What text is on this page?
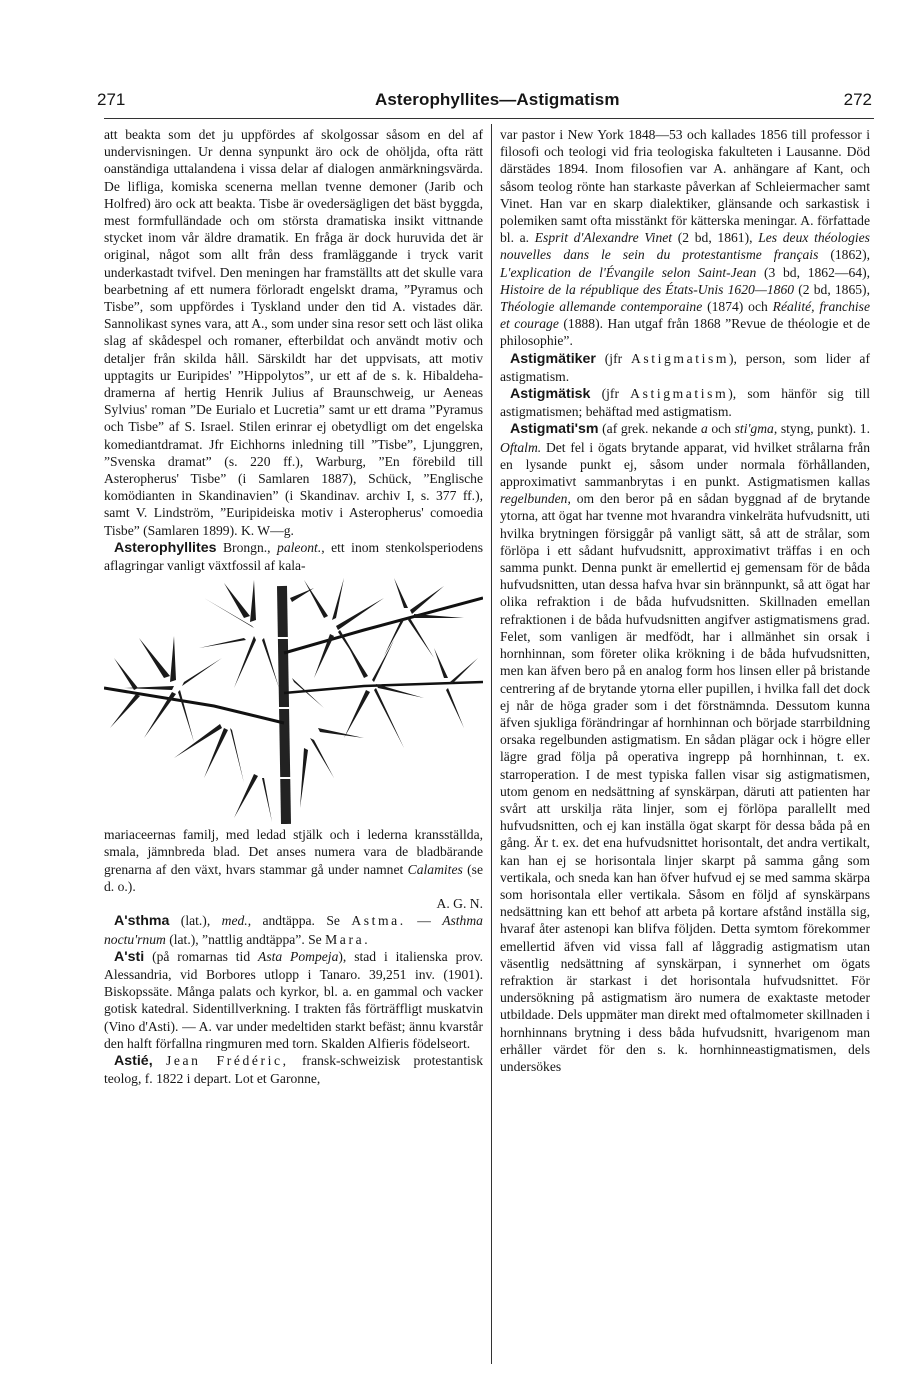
271	Asterophyllites—Astigmatism	272

att beakta som det ju uppfördes af skolgossar såsom en del af undervisningen. Ur denna synpunkt äro ock de ohöljda, ofta rätt oanständiga uttalandena i vissa delar af dialogen anmärkningsvärda. De lifliga, komiska scenerna mellan tvenne demoner (Jarib och Holfred) äro ock att beakta. Tisbe är ovedersägligen det bäst byggda, mest formfulländade och om största dramatiska insikt vittnande stycket inom vår äldre dramatik. En fråga är dock huruvida det är original, något som allt från dess framläggande i tryck varit underkastadt tvifvel. Den meningen har framställts att det skulle vara bearbetning af ett numera förloradt engelskt drama, ”Pyramus och Tisbe”, som uppfördes i Tyskland under den tid A. vistades där. Sannolikast synes vara, att A., som under sina resor sett och läst olika slag af skådespel och romaner, efterbildat och användt motiv och detaljer från skilda håll. Särskildt har det uppvisats, att motiv upptagits ur Euripides' ”Hippolytos”, ur ett af de s. k. Hibaldeha-dramerna af hertig Henrik Julius af Braunschweig, ur Aeneas Sylvius' roman ”De Eurialo et Lucretia” samt ur ett drama ”Pyramus och Tisbe” af S. Israel. Stilen erinrar ej obetydligt om det engelska komediantdramat. Jfr Eichhorns inledning till ”Tisbe”, Ljunggren, ”Svenska dramat” (s. 220 ff.), Warburg, ”En förebild till Asteropherus' Tisbe” (i Samlaren 1887), Schück, ”Englische komödianten in Skandinavien” (i Skandinav. archiv I, s. 377 ff.), samt V. Lindström, ”Euripideiska motiv i Asteropherus' comoedia Tisbe” (Samlaren 1899). K. W—g.

Asterophyllites Brongn., paleont., ett inom stenkolsperiodens aflagringar vanligt växtfossil af kala-

mariaceernas familj, med ledad stjälk och i lederna kransställda, smala, jämnbreda blad. Det anses numera vara de bladbärande grenarna af den växt, hvars stammar gå under namnet Calamites (se d. o.).
A. G. N.

A'sthma (lat.), med., andtäppa. Se Astma. — Asthma noctu'rnum (lat.), ”nattlig andtäppa”. Se Mara.

A'sti (på romarnas tid Asta Pompeja), stad i italienska prov. Alessandria, vid Borbores utlopp i Tanaro. 39,251 inv. (1901). Biskopssäte. Många palats och kyrkor, bl. a. en gammal och vacker gotisk katedral. Sidentillverkning. I trakten fås förträffligt muskatvin (Vino d'Asti). — A. var under medeltiden starkt befäst; ännu kvarstår den halft förfallna ringmuren med torn. Skalden Alfieris födelseort.

Astié, Jean Frédéric, fransk-schweizisk protestantisk teolog, f. 1822 i depart. Lot et Garonne,

var pastor i New York 1848—53 och kallades 1856 till professor i filosofi och teologi vid fria teologiska fakulteten i Lausanne. Död därstädes 1894. Inom filosofien var A. anhängare af Kant, och såsom teolog rönte han starkaste påverkan af Schleiermacher samt Vinet. Han var en skarp dialektiker, glänsande och sarkastisk i polemiken samt ofta misstänkt för kätterska meningar. A. författade bl. a. Esprit d'Alexandre Vinet (2 bd, 1861), Les deux théologies nouvelles dans le sein du protestantisme français (1862), L'explication de l'Évangile selon Saint-Jean (3 bd, 1862—64), Histoire de la république des États-Unis 1620—1860 (2 bd, 1865), Théologie allemande contemporaine (1874) och Réalité, franchise et courage (1888). Han utgaf från 1868 ”Revue de théologie et de philosophie”.

Astigmätiker (jfr Astigmatism), person, som lider af astigmatism.

Astigmätisk (jfr Astigmatism), som hänför sig till astigmatismen; behäftad med astigmatism.

Astigmati'sm (af grek. nekande a och sti'gma, styng, punkt). 1. Oftalm. Det fel i ögats brytande apparat, vid hvilket strålarna från en lysande punkt ej, såsom under normala förhållanden, approximativt sammanbrytas i en punkt. Astigmatismen kallas regelbunden, om den beror på en sådan byggnad af de brytande ytorna, att ögat har tvenne mot hvarandra vinkelräta hufvudsnitt, uti hvilka brytningen försiggår på vanligt sätt, så att de strålar, som förlöpa i ett sådant hufvudsnitt, approximativt träffas i en och samma punkt. Denna punkt är emellertid ej gemensam för de båda hufvudsnitten, utan dessa hafva hvar sin brännpunkt, så att ögat har olika refraktion i de båda hufvudsnitten. Skillnaden emellan refraktionen i de båda hufvudsnitten angifver astigmatismens grad. Felet, som vanligen är medfödt, har i allmänhet sin orsak i hornhinnan, som företer olika krökning i de båda hufvudsnitten, men kan äfven bero på en analog form hos linsen eller på bristande centrering af de brytande ytorna eller pupillen, i hvilka fall det dock ej når de höga grader som i det förstnämnda. Dessutom kunna äfven sjukliga förändringar af hornhinnan och började starrbildning orsaka regelbunden astigmatism. En sådan plägar ock i högre eller lägre grad följa på operativa ingrepp på hornhinnan, t. ex. starroperation. I de mest typiska fallen visar sig astigmatismen, utom genom en nedsättning af synskärpan, däruti att patienten har svårt att urskilja räta linjer, som ej förlöpa parallellt med hufvudsnitten, och ej kan inställa ögat skarpt för dessa båda på en gång. Är t. ex. det ena hufvudsnittet horisontalt, det andra vertikalt, kan han ej se horisontala linjer skarpt på samma gång som vertikala, och sneda kan han öfver hufvud ej se med samma skärpa som horisontala eller vertikala. Såsom en följd af synskärpans nedsättning kan ett behof att arbeta på kortare afstånd inställa sig, hvaraf åter astenopi kan blifva följden. Detta symtom förekommer emellertid äfven vid vissa fall af låggradig astigmatism utan väsentlig nedsättning af synskärpan, i synnerhet om ögats refraktion är starkast i det horisontala hufvudsnittet. För undersökning på astigmatism äro numera de exaktaste metoder utbildade. Dels uppmäter man direkt med oftalmometer skillnaden i hornhinnans brytning i dess båda hufvudsnitt, hvarigenom man erhåller värdet för den s. k. hornhinneastigmatismen, dels undersökes
